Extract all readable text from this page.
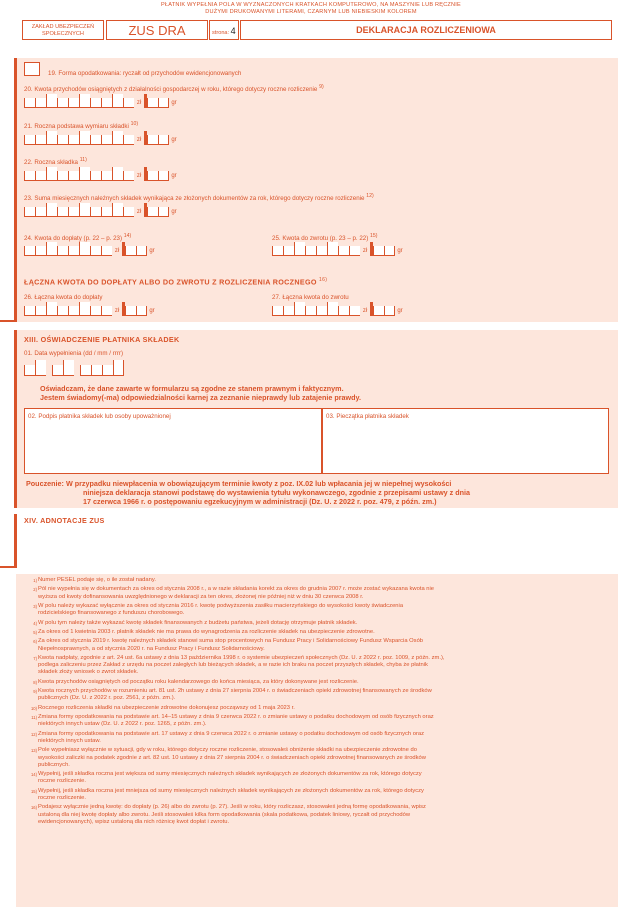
PŁATNIK WYPEŁNIA POLA W WYZNACZONYCH KRATKACH KOMPUTEROWO, NA MASZYNIE LUB RĘCZNIE
DUŻYMI DRUKOWANYMI LITERAMI, CZARNYM LUB NIEBIESKIM KOLOREM
ZAKŁAD UBEZPIECZEŃ
SPOŁECZNYCH	ZUS DRA	strona: 4	DEKLARACJA ROZLICZENIOWA
19. Forma opodatkowania: ryczałt od przychodów ewidencjonowanych
20. Kwota przychodów osiągniętych z działalności gospodarczej w roku, którego dotyczy roczne rozliczenie $^{9)}$
zł	gr
21. Roczna podstawa wymiaru składki $^{10)}$
zł	gr
22. Roczna składka $^{11)}$
zł	gr
23. Suma miesięcznych należnych składek wynikająca ze złożonych dokumentów za rok, którego dotyczy roczne rozliczenie $^{12)}$
zł	gr
24. Kwota do dopłaty (p. 22 – p. 23) $^{14)}$
zł	gr
25. Kwota do zwrotu (p. 23 – p. 22) $^{15)}$
zł	gr
ŁĄCZNA KWOTA DO DOPŁATY ALBO DO ZWROTU Z ROZLICZENIA ROCZNEGO $^{16)}$
26. Łączna kwota do dopłaty
zł	gr
27. Łączna kwota do zwrotu
zł	gr
XIII. OŚWIADCZENIE PŁATNIKA SKŁADEK
01. Data wypełnienia (dd / mm / rrrr)
Oświadczam, że dane zawarte w formularzu są zgodne ze stanem prawnym i faktycznym.
Jestem świadomy(-ma) odpowiedzialności karnej za zeznanie nieprawdy lub zatajenie prawdy.
02. Podpis płatnika składek lub osoby upoważnionej	03. Pieczątka płatnika składek
Pouczenie: W przypadku niewpłacenia w obowiązującym terminie kwoty z poz. IX.02 lub wpłacania jej w niepełnej wysokości
niniejsza deklaracja stanowi podstawę do wystawienia tytułu wykonawczego, zgodnie z przepisami ustawy z dnia
17 czerwca 1966 r. o postępowaniu egzekucyjnym w administracji (Dz. U. z 2022 r. poz. 479, z późn. zm.)
XIV. ADNOTACJE ZUS
1) Numer PESEL podaje się, o ile został nadany.
2) Pól nie wypełnia się w dokumentach za okres od stycznia 2008 r., a w razie składania korekt za okres do grudnia 2007 r. może zostać wykazana kwota nie
wyższa od kwoty dofinansowania uwzględnionego w deklaracji za ten okres, złożonej nie później niż w dniu 30 czerwca 2008 r.
3) W polu należy wykazać wyłącznie za okres od stycznia 2016 r. kwotę podwyższenia zasiłku macierzyńskiego do wysokości kwoty świadczenia
rodzicielskiego finansowanego z funduszu chorobowego.
4) W polu tym należy także wykazać kwotę składek finansowanych z budżetu państwa, jeżeli dotację otrzymuje płatnik składek.
5) Za okres od 1 kwietnia 2003 r. płatnik składek nie ma prawa do wynagrodzenia za rozliczenie składek na ubezpieczenie zdrowotne.
6) Za okres od stycznia 2019 r. kwotę należnych składek stanowi suma stop procentowych na Fundusz Pracy i Solidarnościowy Fundusz Wsparcia Osób
Niepełnosprawnych, a od stycznia 2020 r. na Fundusz Pracy i Fundusz Solidarnościowy.
7) Kwota nadpłaty, zgodnie z art. 24 ust. 6a ustawy z dnia 13 października 1998 r. o systemie ubezpieczeń społecznych (Dz. U. z 2022 r. poz. 1009, z późn. zm.),
podlega zaliczeniu przez Zakład z urzędu na poczet zaległych lub bieżących składek, a w razie ich braku na poczet przyszłych składek, chyba że płatnik
składek złoży wniosek o zwrot składek.
8) Kwota przychodów osiągniętych od początku roku kalendarzowego do końca miesiąca, za który dokonywane jest rozliczenie.
9) Kwota rocznych przychodów w rozumieniu art. 81 ust. 2h ustawy z dnia 27 sierpnia 2004 r. o świadczeniach opieki zdrowotnej finansowanych ze środków
publicznych (Dz. U. z 2022 r. poz. 2561, z późn. zm.).
10) Rocznego rozliczenia składki na ubezpieczenie zdrowotne dokonujesz począwszy od 1 maja 2023 r.
11) Zmiana formy opodatkowania na podstawie art. 14–15 ustawy z dnia 9 czerwca 2022 r. o zmianie ustawy o podatku dochodowym od osób fizycznych oraz
niektórych innych ustaw (Dz. U. z 2022 r. poz. 1265, z późn. zm.).
12) Zmiana formy opodatkowania na podstawie art. 17 ustawy z dnia 9 czerwca 2022 r. o zmianie ustawy o podatku dochodowym od osób fizycznych oraz
niektórych innych ustaw.
13) Pole wypełniasz wyłącznie w sytuacji, gdy w roku, którego dotyczy roczne rozliczenie, stosowałeś obniżenie składki na ubezpieczenie zdrowotne do
wysokości zaliczki na podatek zgodnie z art. 82 ust. 10 ustawy z dnia 27 sierpnia 2004 r. o świadczeniach opieki zdrowotnej finansowanych ze środków
publicznych.
14) Wypełnij, jeśli składka roczna jest większa od sumy miesięcznych należnych składek wynikających ze złożonych dokumentów za rok, którego dotyczy
roczne rozliczenie.
15) Wypełnij, jeśli składka roczna jest mniejsza od sumy miesięcznych należnych składek wynikających ze złożonych dokumentów za rok, którego dotyczy
roczne rozliczenie.
16) Podajesz wyłącznie jedną kwotę: do dopłaty (p. 26) albo do zwrotu (p. 27). Jeśli w roku, który rozliczasz, stosowałeś jedną formę opodatkowania, wpisz
ustaloną dla niej kwotę dopłaty albo zwrotu. Jeśli stosowałeś kilka form opodatkowania (skala podatkowa, podatek liniowy, ryczałt od przychodów
ewidencjonowanych), wpisz ustaloną dla nich różnicę kwot dopłat i zwrotu.
